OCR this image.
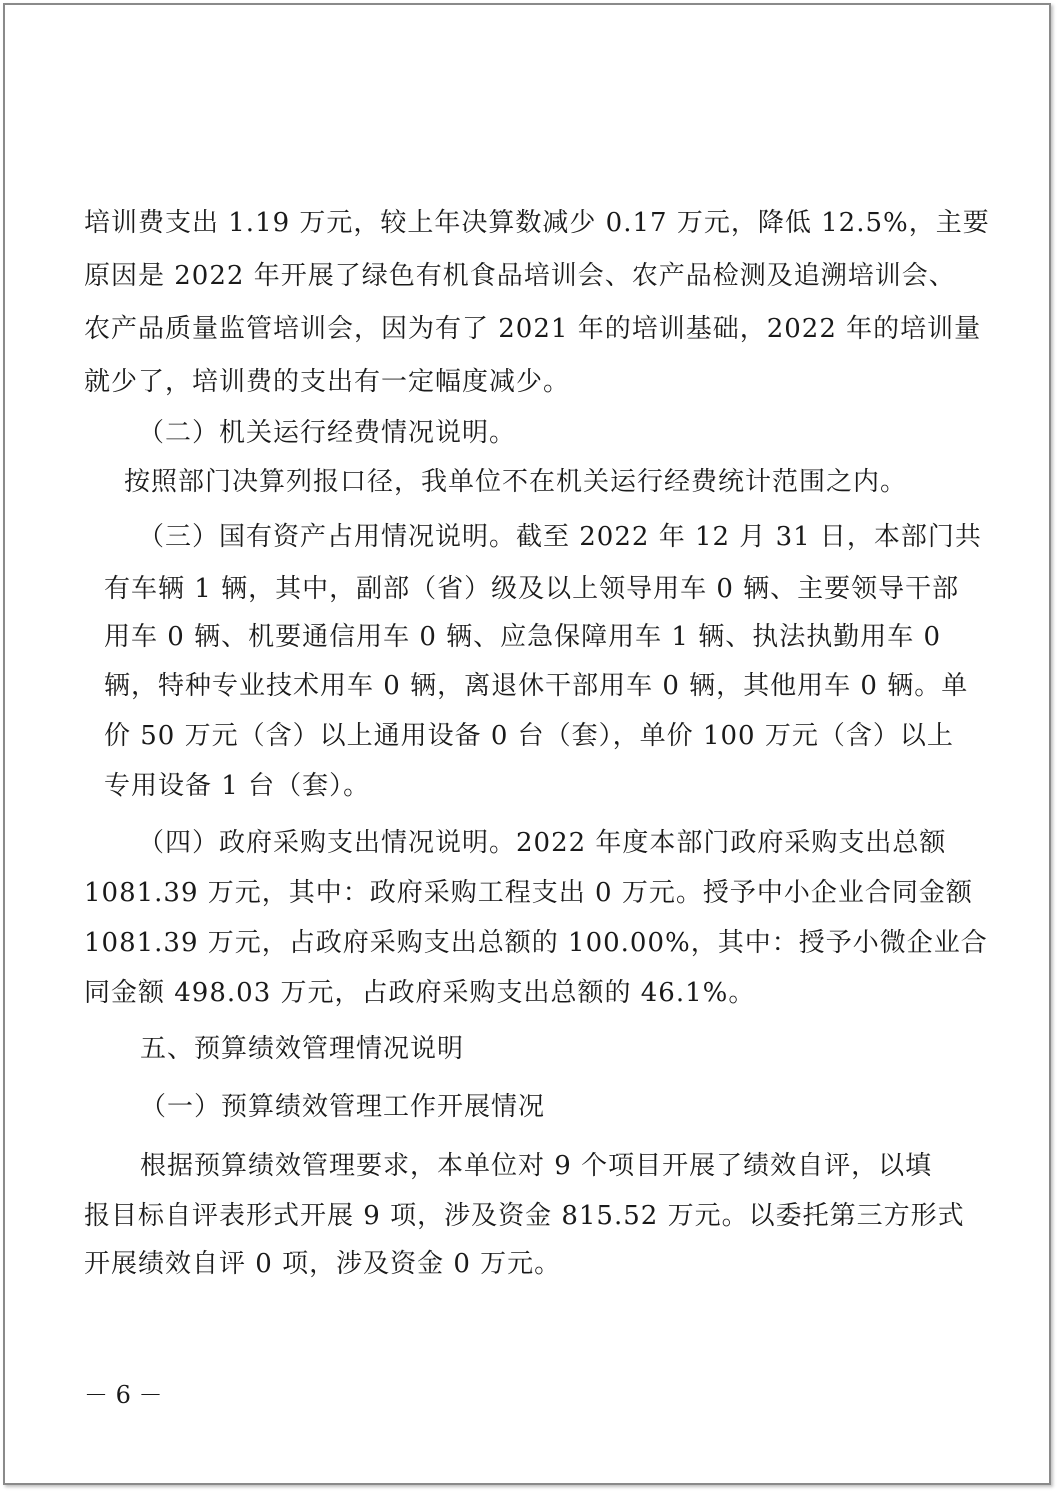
培训费支出 1.19 万元，较上年决算数减少 0.17 万元，降低 12.5%，主要
原因是 2022 年开展了绿色有机食品培训会、农产品检测及追溯培训会、
农产品质量监管培训会，因为有了 2021 年的培训基础，2022 年的培训量
就少了，培训费的支出有一定幅度减少。
（二）机关运行经费情况说明。
按照部门决算列报口径，我单位不在机关运行经费统计范围之内。
（三）国有资产占用情况说明。截至 2022 年 12 月 31 日，本部门共
有车辆 1 辆，其中，副部（省）级及以上领导用车 0 辆、主要领导干部
用车 0 辆、机要通信用车 0 辆、应急保障用车 1 辆、执法执勤用车 0
辆，特种专业技术用车 0 辆，离退休干部用车 0 辆，其他用车 0 辆。单
价 50 万元（含）以上通用设备 0 台（套），单价 100 万元（含）以上
专用设备 1 台（套）。
（四）政府采购支出情况说明。2022 年度本部门政府采购支出总额
1081.39 万元，其中：政府采购工程支出 0 万元。授予中小企业合同金额
1081.39 万元，占政府采购支出总额的 100.00%，其中：授予小微企业合
同金额 498.03 万元，占政府采购支出总额的 46.1%。
五、预算绩效管理情况说明
（一）预算绩效管理工作开展情况
根据预算绩效管理要求，本单位对 9 个项目开展了绩效自评，以填
报目标自评表形式开展 9 项，涉及资金 815.52 万元。以委托第三方形式
开展绩效自评 0 项，涉及资金 0 万元。
－ 6 －
